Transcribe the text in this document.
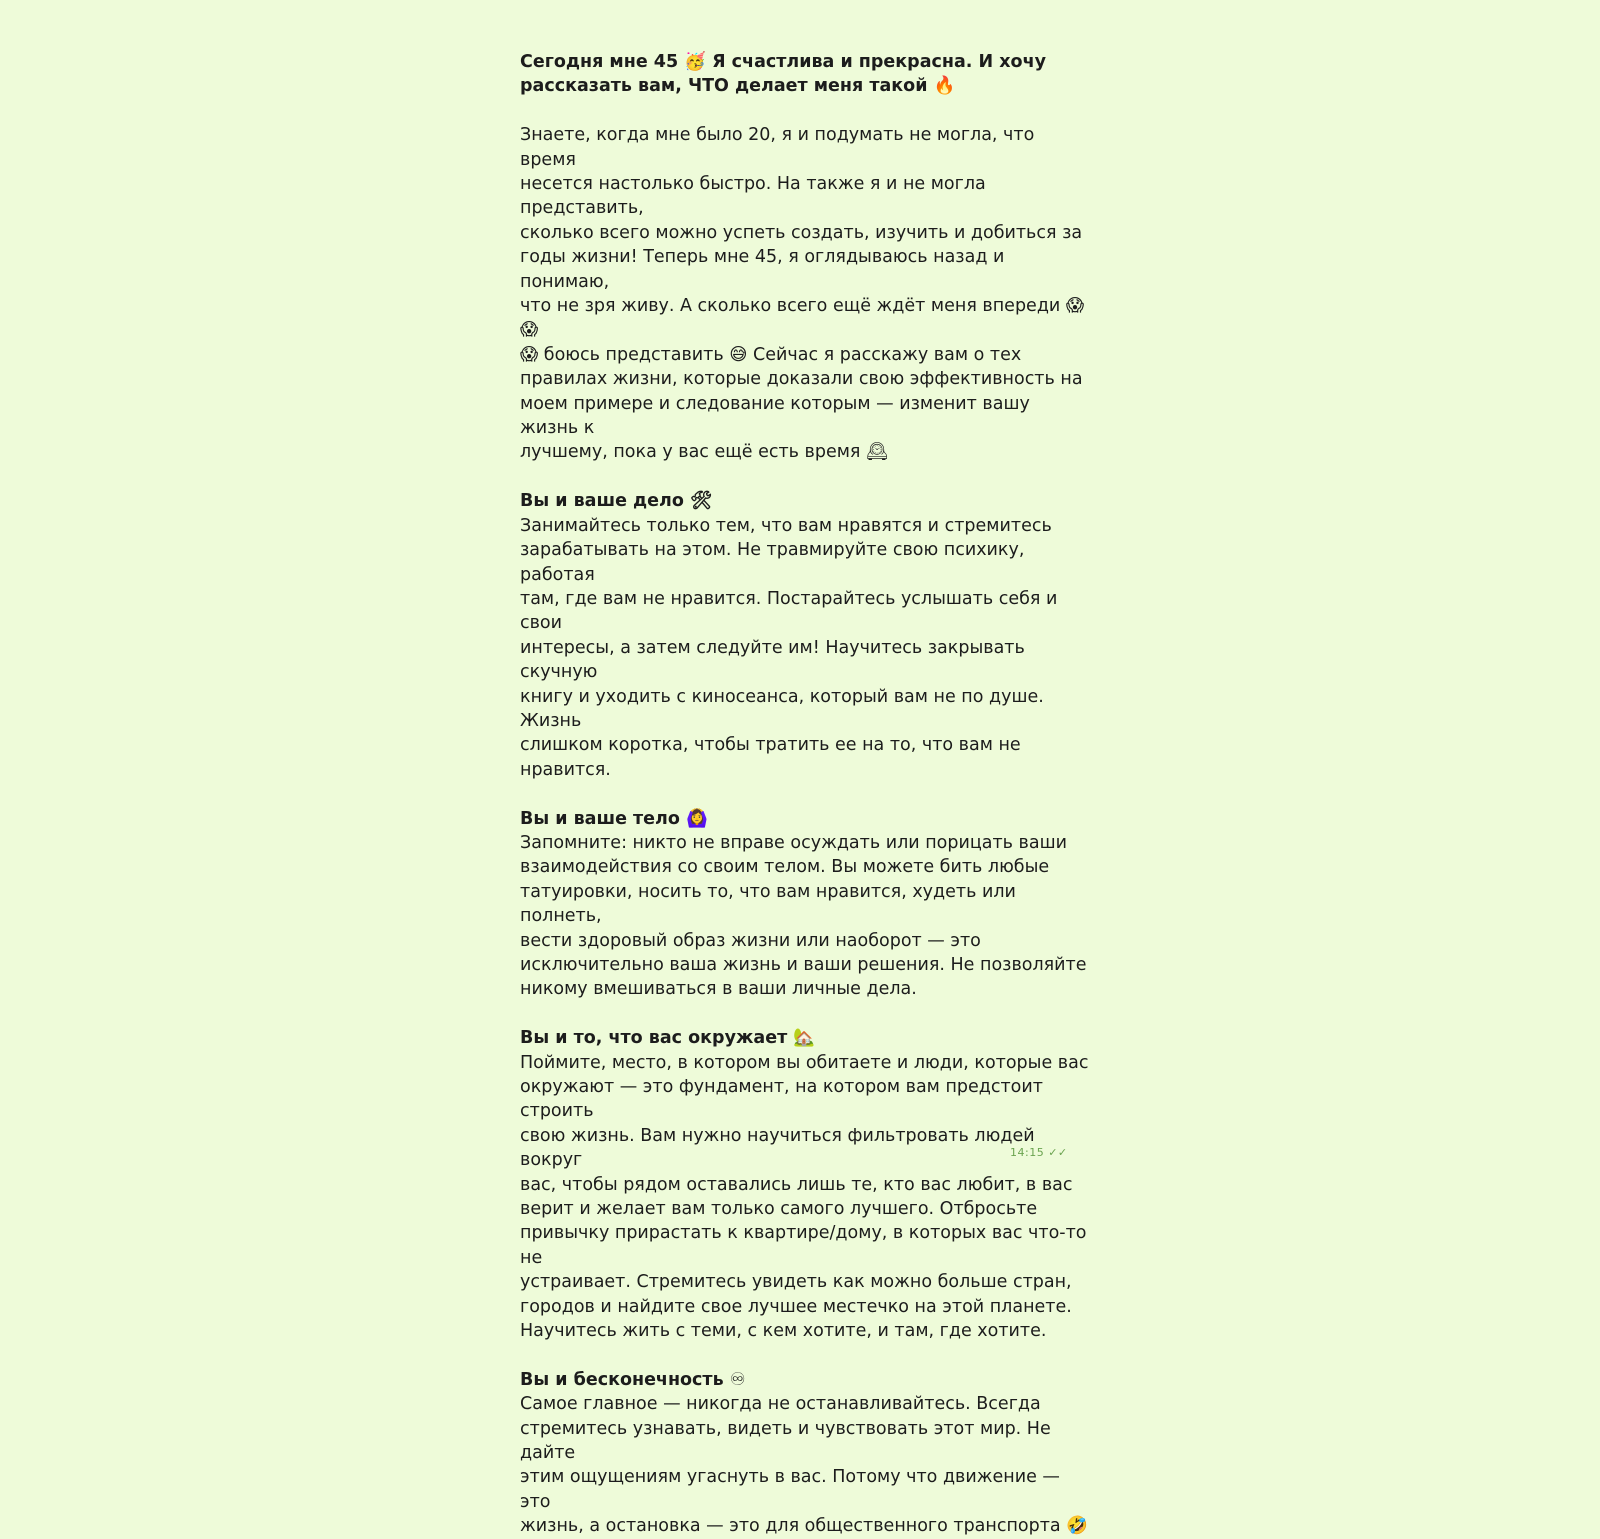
Сегодня мне 45 🥳 Я счастлива и прекрасна. И хочу
рассказать вам, ЧТО делает меня такой 🔥

Знаете, когда мне было 20, я и подумать не могла, что время
несется настолько быстро. На также я и не могла представить,
сколько всего можно успеть создать, изучить и добиться за
годы жизни! Теперь мне 45, я оглядываюсь назад и понимаю,
что не зря живу. А сколько всего ещё ждёт меня впереди 😱😱
😱 боюсь представить 😅 Сейчас я расскажу вам о тех
правилах жизни, которые доказали свою эффективность на
моем примере и следование которым — изменит вашу жизнь к
лучшему, пока у вас ещё есть время 🕰

Вы и ваше дело 🛠
Занимайтесь только тем, что вам нравятся и стремитесь
зарабатывать на этом. Не травмируйте свою психику, работая
там, где вам не нравится. Постарайтесь услышать себя и свои
интересы, а затем следуйте им! Научитесь закрывать скучную
книгу и уходить с киносеанса, который вам не по душе. Жизнь
слишком коротка, чтобы тратить ее на то, что вам не нравится.

Вы и ваше тело 🙆‍♀️
Запомните: никто не вправе осуждать или порицать ваши
взаимодействия со своим телом. Вы можете бить любые
татуировки, носить то, что вам нравится, худеть или полнеть,
вести здоровый образ жизни или наоборот — это
исключительно ваша жизнь и ваши решения. Не позволяйте
никому вмешиваться в ваши личные дела.

Вы и то, что вас окружает 🏡
Поймите, место, в котором вы обитаете и люди, которые вас
окружают — это фундамент, на котором вам предстоит строить
свою жизнь. Вам нужно научиться фильтровать людей вокруг
вас, чтобы рядом оставались лишь те, кто вас любит, в вас
верит и желает вам только самого лучшего. Отбросьте
привычку прирастать к квартире/дому, в которых вас что-то не
устраивает. Стремитесь увидеть как можно больше стран,
городов и найдите свое лучшее местечко на этой планете.
Научитесь жить с теми, с кем хотите, и там, где хотите.

Вы и бесконечность ♾
Самое главное — никогда не останавливайтесь. Всегда
стремитесь узнавать, видеть и чувствовать этот мир. Не дайте
этим ощущениям угаснуть в вас. Потому что движение — это
жизнь, а остановка — это для общественного транспорта 🤣

14:15 ✓✓
